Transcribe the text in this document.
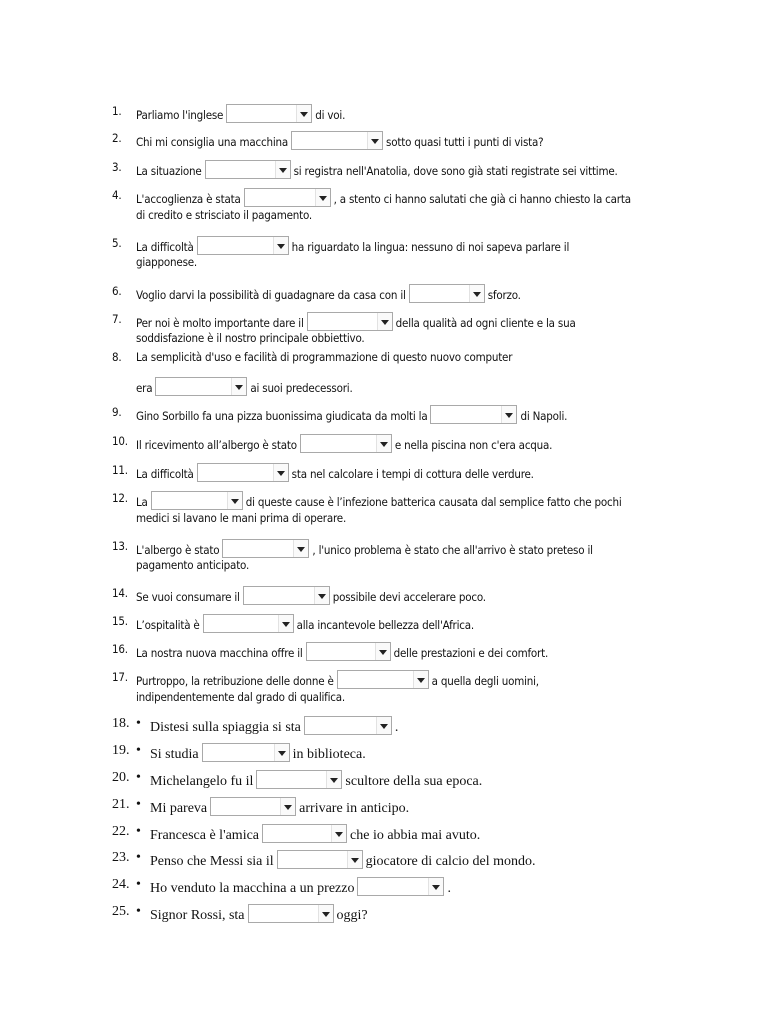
1.	Parliamo l'inglese	di voi.
2.	Chi mi consiglia una macchina	sotto quasi tutti i punti di vista?
3.	La situazione	si registra nell'Anatolia, dove sono già stati registrate sei vittime.
4.	L'accoglienza è stata	, a stento ci hanno salutati che già ci hanno chiesto la carta
di credito e strisciato il pagamento.
5.	La difficoltà	ha riguardato la lingua: nessuno di noi sapeva parlare il
giapponese.
6.	Voglio darvi la possibilità di guadagnare da casa con il	sforzo.
7.	Per noi è molto importante dare il	della qualità ad ogni cliente e la sua
soddisfazione è il nostro principale obbiettivo.
8.	La semplicità d'uso e facilità di programmazione di questo nuovo computer
era	ai suoi predecessori.
9.	Gino Sorbillo fa una pizza buonissima giudicata da molti la	di Napoli.
10. Il ricevimento all’albergo è stato	e nella piscina non c'era acqua.
11. La difficoltà	sta nel calcolare i tempi di cottura delle verdure.
12. La	di queste cause è l’infezione batterica causata dal semplice fatto che pochi
medici si lavano le mani prima di operare.
13. L'albergo è stato	, l'unico problema è stato che all'arrivo è stato preteso il
pagamento anticipato.
14. Se vuoi consumare il	possibile devi accelerare poco.
15. L’ospitalità è	alla incantevole bellezza dell'Africa.
16. La nostra nuova macchina offre il	delle prestazioni e dei comfort.
17. Purtroppo, la retribuzione delle donne è	a quella degli uomini,
indipendentemente dal grado di qualifica.
18. • Distesi sulla spiaggia si sta	.
19. • Si studia	in biblioteca.
20. • Michelangelo fu il	scultore della sua epoca.
21. • Mi pareva	arrivare in anticipo.
22. • Francesca è l'amica	che io abbia mai avuto.
23. • Penso che Messi sia il	giocatore di calcio del mondo.
24. • Ho venduto la macchina a un prezzo	.
25. • Signor Rossi, sta	oggi?
